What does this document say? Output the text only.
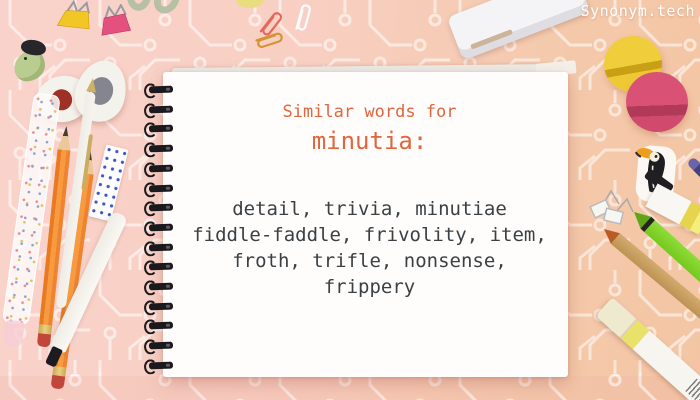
Synonym.tech
Similar words for
minutia:
detail, trivia, minutiae
fiddle-faddle, frivolity, item,
froth, trifle, nonsense,
frippery
